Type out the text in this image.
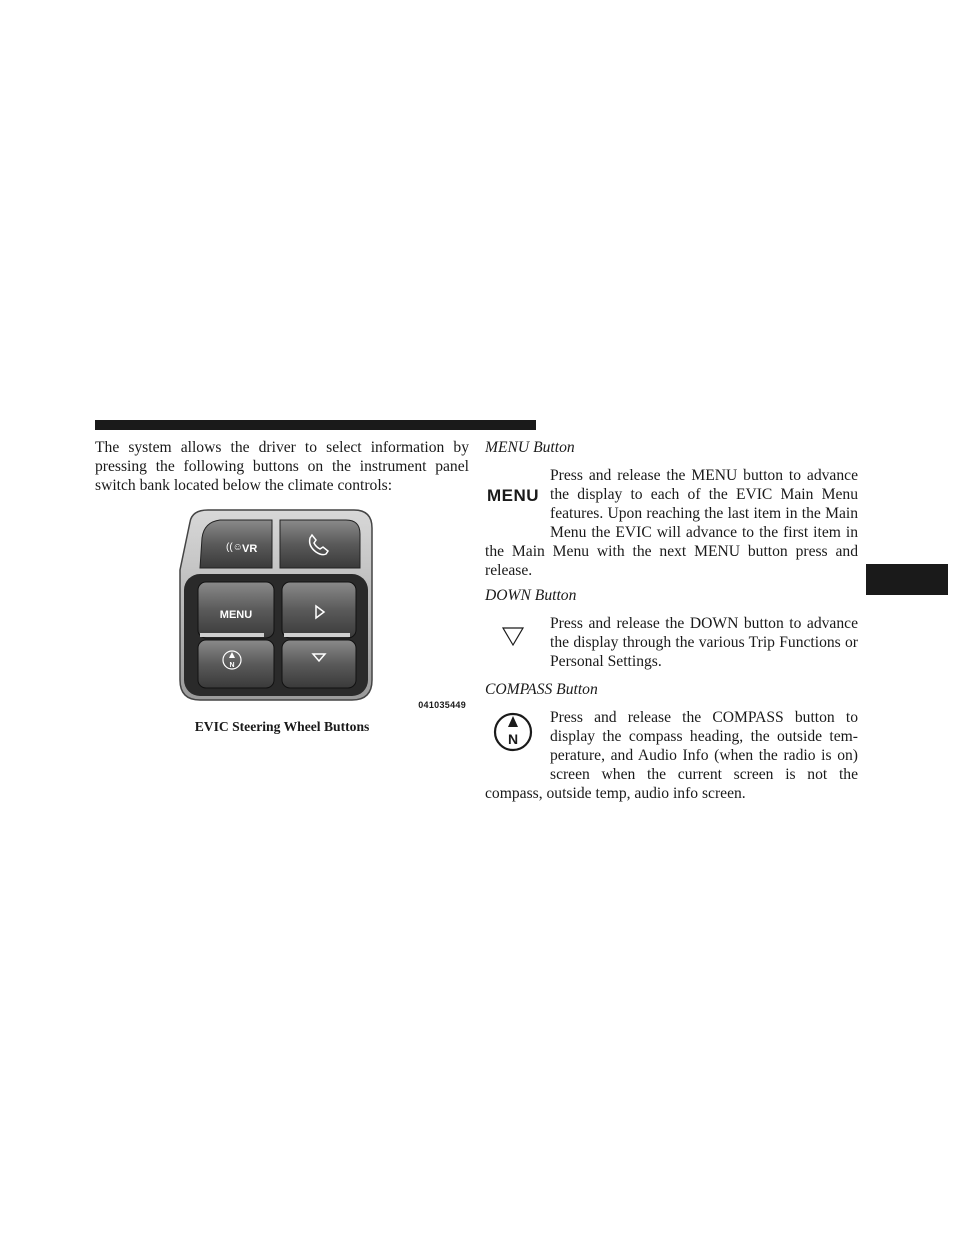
The system allows the driver to select information by pressing the following buttons on the instrument panel switch bank located below the climate controls:

((☺ VR
MENU
N
041035449
EVIC Steering Wheel Buttons

MENU Button

MENU

Press and release the MENU button to advance the display to each of the EVIC Main Menu features. Upon reaching the last item in the Main Menu the EVIC will advance to the first item in the Main Menu with the next MENU button press and release.

DOWN Button

Press and release the DOWN button to advance the display through the various Trip Functions or Personal Settings.

COMPASS Button

N

Press and release the COMPASS button to

display the compass heading, the outside tem-

perature, and Audio Info (when the radio is on)

screen when the current screen is not the

compass, outside temp, audio info screen.
